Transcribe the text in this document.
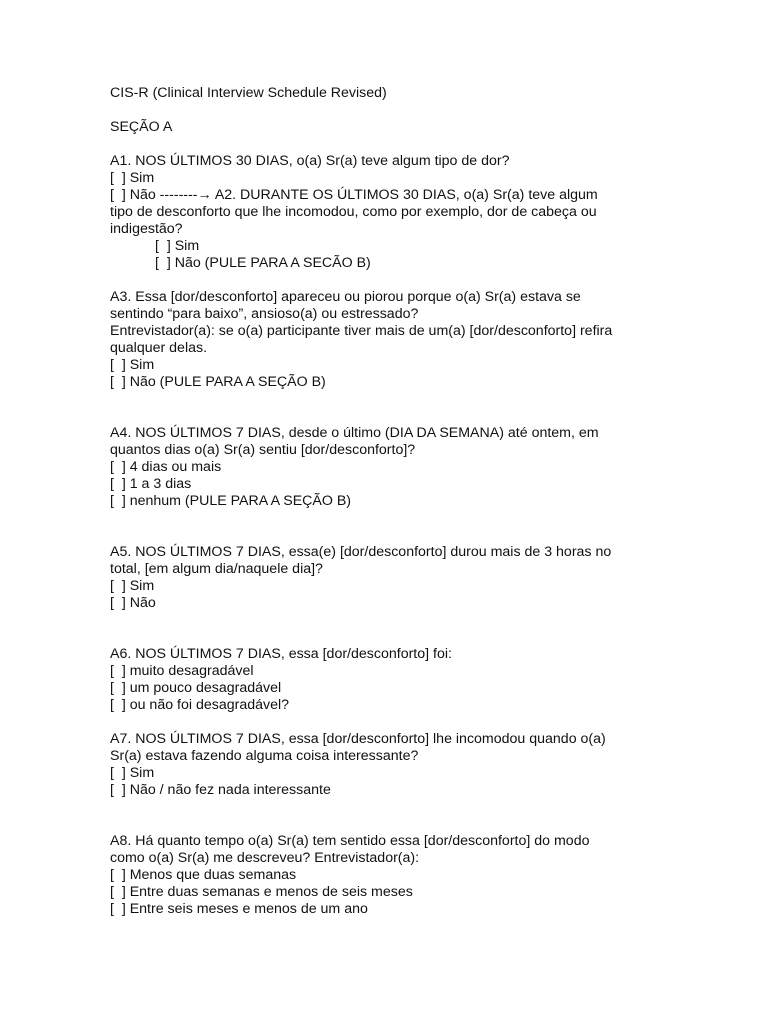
CIS-R (Clinical Interview Schedule Revised)
SEÇÃO A
A1. NOS ÚLTIMOS 30 DIAS, o(a) Sr(a) teve algum tipo de dor?
[  ] Sim
[  ] Não --------→ A2. DURANTE OS ÚLTIMOS 30 DIAS, o(a) Sr(a) teve algum
tipo de desconforto que lhe incomodou, como por exemplo, dor de cabeça ou
indigestão?
[  ] Sim
[  ] Não (PULE PARA A SECÃO B)
A3. Essa [dor/desconforto] apareceu ou piorou porque o(a) Sr(a) estava se
sentindo “para baixo”, ansioso(a) ou estressado?
Entrevistador(a): se o(a) participante tiver mais de um(a) [dor/desconforto] refira
qualquer delas.
[  ] Sim
[  ] Não (PULE PARA A SEÇÃO B)
A4. NOS ÚLTIMOS 7 DIAS, desde o último (DIA DA SEMANA) até ontem, em
quantos dias o(a) Sr(a) sentiu [dor/desconforto]?
[  ] 4 dias ou mais
[  ] 1 a 3 dias
[  ] nenhum (PULE PARA A SEÇÃO B)
A5. NOS ÚLTIMOS 7 DIAS, essa(e) [dor/desconforto] durou mais de 3 horas no
total, [em algum dia/naquele dia]?
[  ] Sim
[  ] Não
A6. NOS ÚLTIMOS 7 DIAS, essa [dor/desconforto] foi:
[  ] muito desagradável
[  ] um pouco desagradável
[  ] ou não foi desagradável?
A7. NOS ÚLTIMOS 7 DIAS, essa [dor/desconforto] lhe incomodou quando o(a)
Sr(a) estava fazendo alguma coisa interessante?
[  ] Sim
[  ] Não / não fez nada interessante
A8. Há quanto tempo o(a) Sr(a) tem sentido essa [dor/desconforto] do modo
como o(a) Sr(a) me descreveu? Entrevistador(a):
[  ] Menos que duas semanas
[  ] Entre duas semanas e menos de seis meses
[  ] Entre seis meses e menos de um ano
